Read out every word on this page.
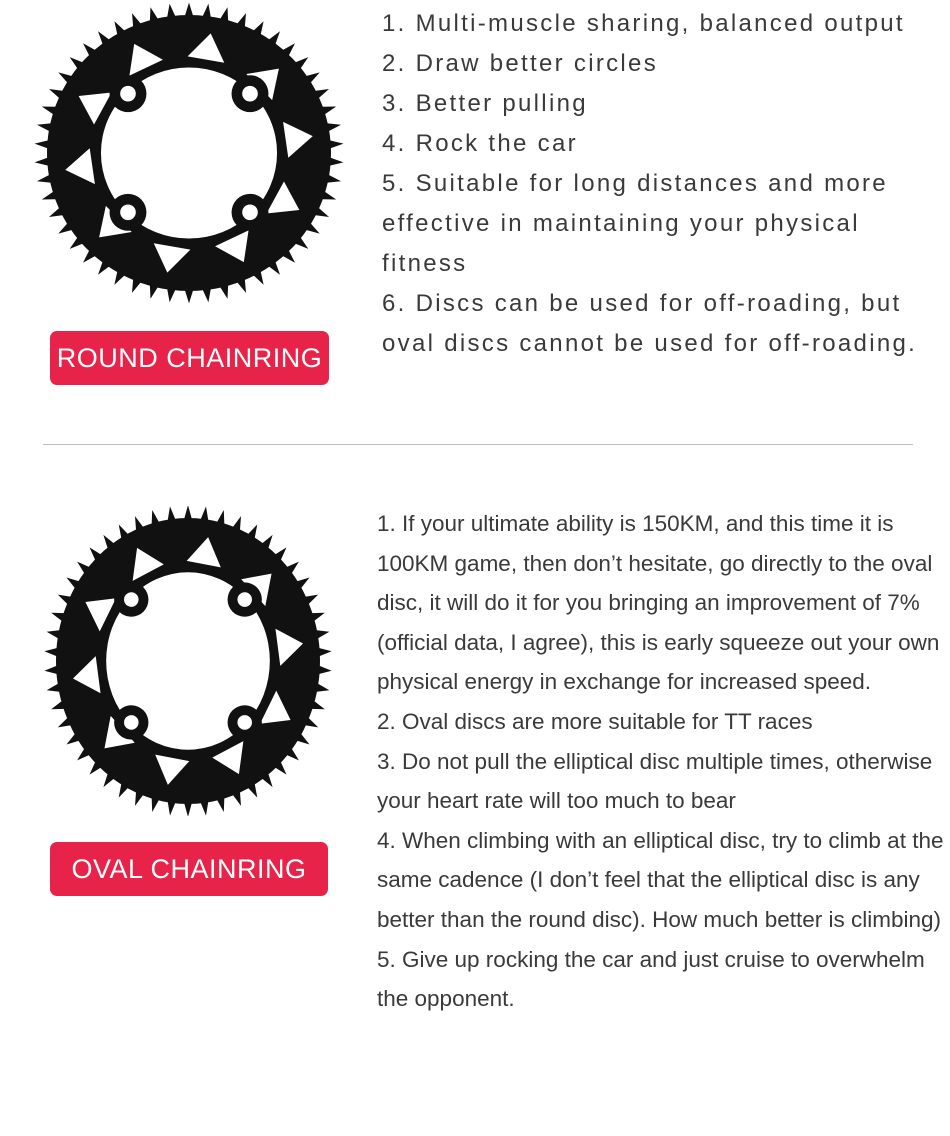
ROUND CHAINRING
1. Multi-muscle sharing, balanced output
2. Draw better circles
3. Better pulling
4. Rock the car
5. Suitable for long distances and more effective in maintaining your physical fitness
6. Discs can be used for off-roading, but oval discs cannot be used for off-roading.
OVAL CHAINRING
1. If your ultimate ability is 150KM, and this time it is 100KM game, then don’t hesitate, go directly to the oval disc, it will do it for you bringing an improvement of 7% (official data, I agree), this is early squeeze out your own physical energy in exchange for increased speed.
2. Oval discs are more suitable for TT races
3. Do not pull the elliptical disc multiple times, otherwise your heart rate will too much to bear
4. When climbing with an elliptical disc, try to climb at the same cadence (I don’t feel that the elliptical disc is any better than the round disc). How much better is climbing)
5. Give up rocking the car and just cruise to overwhelm the opponent.
